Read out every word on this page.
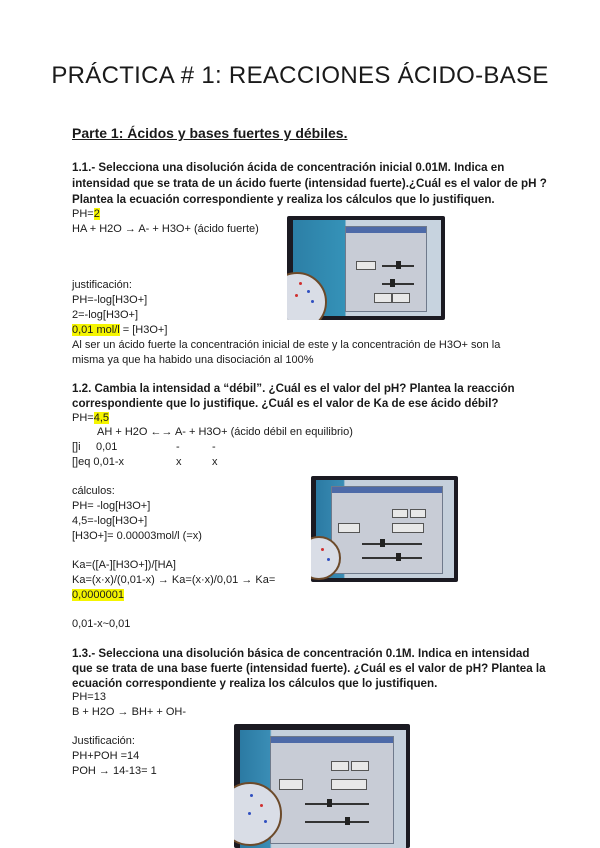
PRÁCTICA # 1: REACCIONES ÁCIDO-BASE
Parte 1: Ácidos y bases fuertes y débiles.
1.1.- Selecciona una disolución ácida de concentración inicial 0.01M. Indica en
intensidad que se trata de un ácido fuerte (intensidad fuerte).¿Cuál es el valor de pH ?
Plantea la ecuación correspondiente y realiza los cálculos que lo justifiquen.
PH=2
HA + H2O → A- + H3O+ (ácido fuerte)
justificación:
PH=-log[H3O+]
2=-log[H3O+]
0,01 mol/l = [H3O+]
Al ser un ácido fuerte la concentración inicial de este y la concentración de H3O+ son la
misma ya que ha habido una disociación al 100%
1.2. Cambia la intensidad a “débil”. ¿Cuál es el valor del pH? Plantea la reacción
correspondiente que lo justifique. ¿Cuál es el valor de Ka de ese ácido débil?
PH=4,5
AH + H2O ←→ A- + H3O+ (ácido débil en equilibrio)
[]i 0,01	-	-
[]eq 0,01-x	x	x
cálculos:
PH= -log[H3O+]
4,5=-log[H3O+]
[H3O+]= 0.00003mol/l (=x)
Ka=([A-][H3O+])/[HA]
Ka=(x·x)/(0,01-x) → Ka=(x·x)/0,01 → Ka=
0,0000001
0,01-x~0,01
1.3.- Selecciona una disolución básica de concentración 0.1M. Indica en intensidad
que se trata de una base fuerte (intensidad fuerte). ¿Cuál es el valor de pH? Plantea la
ecuación correspondiente y realiza los cálculos que lo justifiquen.
PH=13
B + H2O → BH+ + OH-
Justificación:
PH+POH =14
POH → 14-13= 1
